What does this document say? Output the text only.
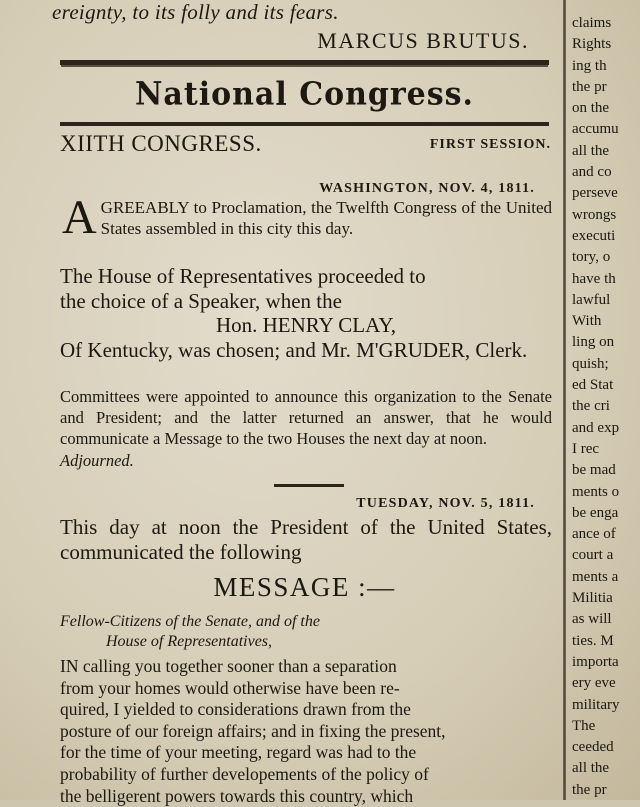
ereignty, to its folly and its fears.
MARCUS BRUTUS.
National Congress.
XIITH CONGRESS.	FIRST SESSION.
WASHINGTON, NOV. 4, 1811.
AGREEABLY to Proclamation, the Twelfth Congress of the United States assembled in this city this day.
The House of Representatives proceeded to
the choice of a Speaker, when the
Hon. HENRY CLAY,
Of Kentucky, was chosen; and Mr. M'GRUDER, Clerk.
Committees were appointed to announce this organization to the Senate and President; and the latter returned an answer, that he would communicate a Message to the two Houses the next day at noon.
Adjourned.
TUESDAY, NOV. 5, 1811.
This day at noon the President of the United States, communicated the following
MESSAGE :—
Fellow-Citizens of the Senate, and of the
House of Representatives,
IN calling you together sooner than a separation
from your homes would otherwise have been re-
quired, I yielded to considerations drawn from the
posture of our foreign affairs; and in fixing the present,
for the time of your meeting, regard was had to the
probability of further developements of the policy of
the belligerent powers towards this country, which
claims
Rights
ing th
the pr
on the
accumu
all the
and co
perseve
wrongs
executi
tory, o
have th
lawful
With
ling on
quish;
ed Stat
the cri
and exp
I rec
be mad
ments o
be enga
ance of
court a
ments a
Militia
as will
ties. M
importa
ery eve
military
The
ceeded
all the
the pr
